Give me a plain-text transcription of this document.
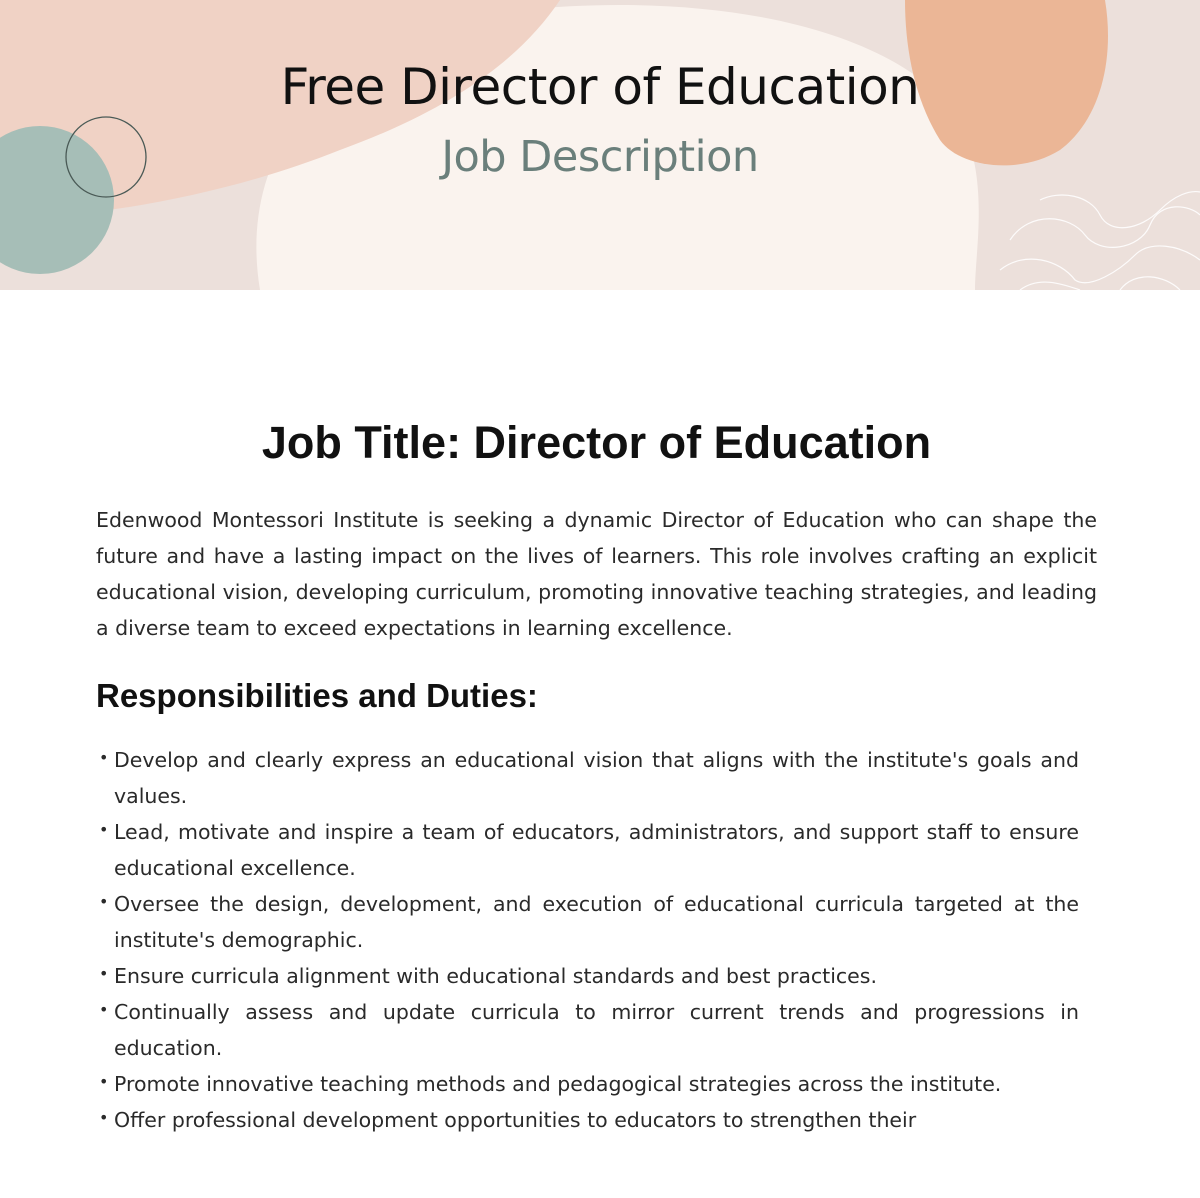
Free Director of Education
Job Description
Job Title: Director of Education

Edenwood Montessori Institute is seeking a dynamic Director of Education who can shape the future and have a lasting impact on the lives of learners. This role involves crafting an explicit educational vision, developing curriculum, promoting innovative teaching strategies, and leading a diverse team to exceed expectations in learning excellence.

Responsibilities and Duties:
• Develop and clearly express an educational vision that aligns with the institute's goals and values.
• Lead, motivate and inspire a team of educators, administrators, and support staff to ensure educational excellence.
• Oversee the design, development, and execution of educational curricula targeted at the institute's demographic.
• Ensure curricula alignment with educational standards and best practices.
• Continually assess and update curricula to mirror current trends and progressions in education.
• Promote innovative teaching methods and pedagogical strategies across the institute.
• Offer professional development opportunities to educators to strengthen their
